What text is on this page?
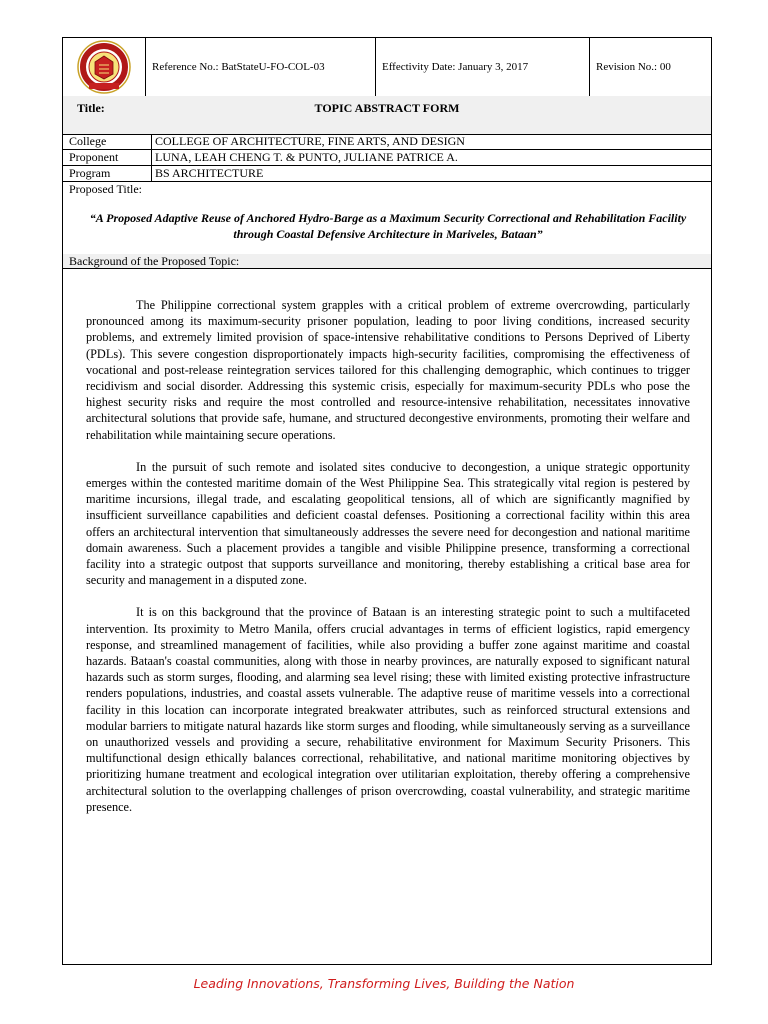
Reference No.: BatStateU-FO-COL-03	Effectivity Date: January 3, 2017	Revision No.: 00
Title:	TOPIC ABSTRACT FORM
College	COLLEGE OF ARCHITECTURE, FINE ARTS, AND DESIGN
Proponent	LUNA, LEAH CHENG T. & PUNTO, JULIANE PATRICE A.
Program	BS ARCHITECTURE
Proposed Title:
“A Proposed Adaptive Reuse of Anchored Hydro-Barge as a Maximum Security Correctional and Rehabilitation Facility through Coastal Defensive Architecture in Mariveles, Bataan”
Background of the Proposed Topic:

The Philippine correctional system grapples with a critical problem of extreme overcrowding, particularly pronounced among its maximum-security prisoner population, leading to poor living conditions, increased security problems, and extremely limited provision of space-intensive rehabilitative conditions to Persons Deprived of Liberty (PDLs). This severe congestion disproportionately impacts high-security facilities, compromising the effectiveness of vocational and post-release reintegration services tailored for this challenging demographic, which continues to trigger recidivism and social disorder. Addressing this systemic crisis, especially for maximum-security PDLs who pose the highest security risks and require the most controlled and resource-intensive rehabilitation, necessitates innovative architectural solutions that provide safe, humane, and structured decongestive environments, promoting their welfare and rehabilitation while maintaining secure operations.

In the pursuit of such remote and isolated sites conducive to decongestion, a unique strategic opportunity emerges within the contested maritime domain of the West Philippine Sea. This strategically vital region is pestered by maritime incursions, illegal trade, and escalating geopolitical tensions, all of which are significantly magnified by insufficient surveillance capabilities and deficient coastal defenses. Positioning a correctional facility within this area offers an architectural intervention that simultaneously addresses the severe need for decongestion and national maritime domain awareness. Such a placement provides a tangible and visible Philippine presence, transforming a correctional facility into a strategic outpost that supports surveillance and monitoring, thereby establishing a critical base area for security and management in a disputed zone.

It is on this background that the province of Bataan is an interesting strategic point to such a multifaceted intervention. Its proximity to Metro Manila, offers crucial advantages in terms of efficient logistics, rapid emergency response, and streamlined management of facilities, while also providing a buffer zone against maritime and coastal hazards. Bataan's coastal communities, along with those in nearby provinces, are naturally exposed to significant natural hazards such as storm surges, flooding, and alarming sea level rising; these with limited existing protective infrastructure renders populations, industries, and coastal assets vulnerable. The adaptive reuse of maritime vessels into a correctional facility in this location can incorporate integrated breakwater attributes, such as reinforced structural extensions and modular barriers to mitigate natural hazards like storm surges and flooding, while simultaneously serving as a surveillance on unauthorized vessels and providing a secure, rehabilitative environment for Maximum Security Prisoners. This multifunctional design ethically balances correctional, rehabilitative, and national maritime monitoring objectives by prioritizing humane treatment and ecological integration over utilitarian exploitation, thereby offering a comprehensive architectural solution to the overlapping challenges of prison overcrowding, coastal vulnerability, and strategic maritime presence.

Leading Innovations, Transforming Lives, Building the Nation
